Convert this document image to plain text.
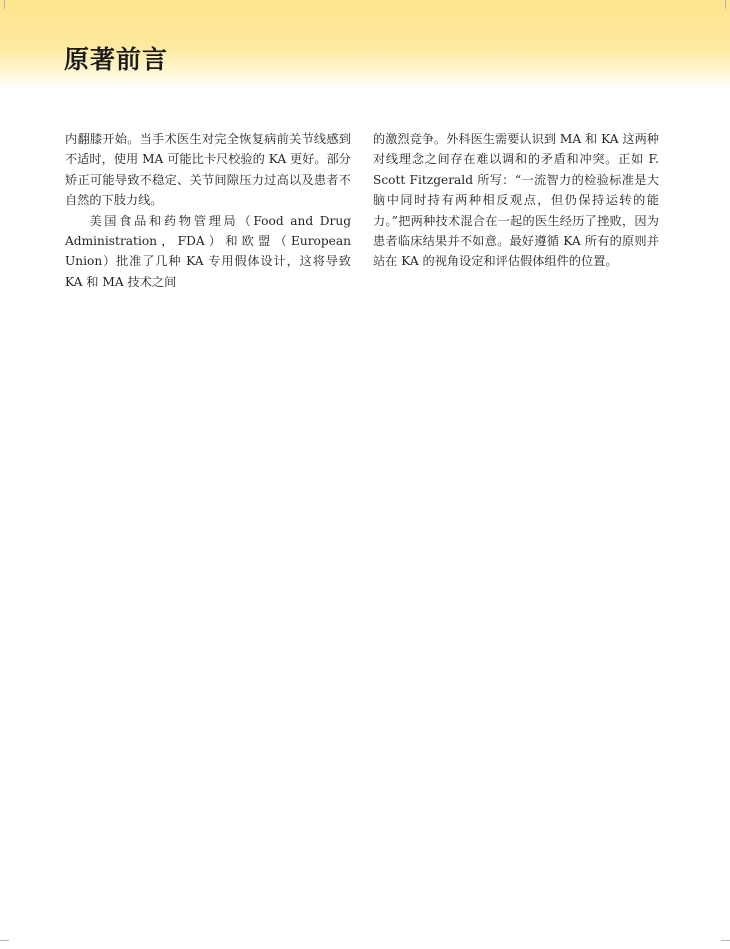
原著前言

内翻膝开始。当手术医生对完全恢复病前关节线感到不适时，使用 MA 可能比卡尺校验的 KA 更好。部分矫正可能导致不稳定、关节间隙压力过高以及患者不自然的下肢力线。

美国食品和药物管理局（Food and Drug Administration，FDA）和欧盟（European Union）批准了几种 KA 专用假体设计，这将导致 KA 和 MA 技术之间

的激烈竞争。外科医生需要认识到 MA 和 KA 这两种对线理念之间存在难以调和的矛盾和冲突。正如 F. Scott Fitzgerald 所写：“一流智力的检验标准是大脑中同时持有两种相反观点，但仍保持运转的能力。”把两种技术混合在一起的医生经历了挫败，因为患者临床结果并不如意。最好遵循 KA 所有的原则并站在 KA 的视角设定和评估假体组件的位置。
